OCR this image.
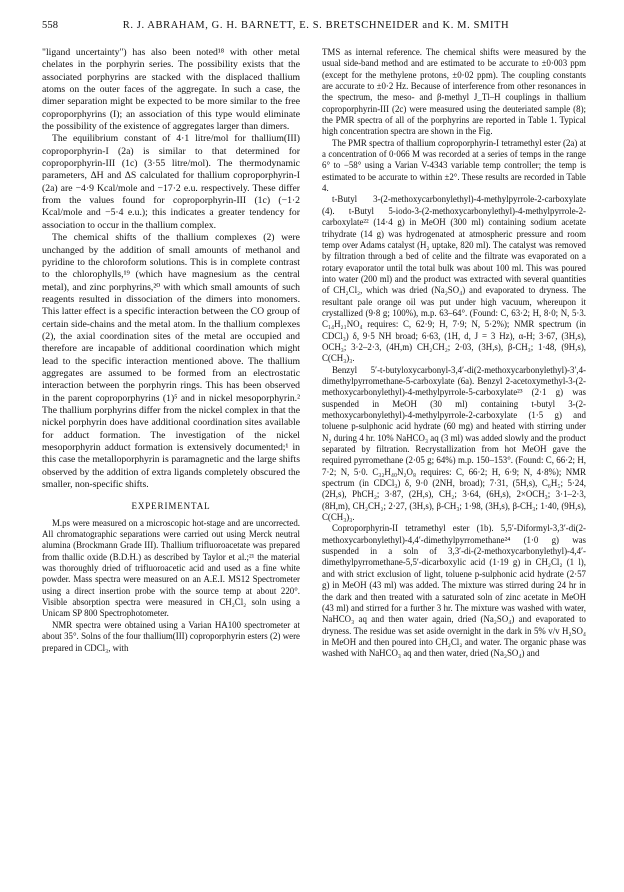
558	R. J. ABRAHAM, G. H. BARNETT, E. S. BRETSCHNEIDER and K. M. SMITH

"ligand uncertainty") has also been noted¹⁸ with other metal chelates in the porphyrin series. The possibility exists that the associated porphyrins are stacked with the displaced thallium atoms on the outer faces of the aggregate. In such a case, the dimer separation might be expected to be more similar to the free coproporphyrins (I); an association of this type would eliminate the possibility of the existence of aggregates larger than dimers.

The equilibrium constant of 4·1 litre/mol for thallium(III) coproporphyrin-I (2a) is similar to that determined for coproporphyrin-III (1c) (3·55 litre/mol). The thermodynamic parameters, ΔH and ΔS calculated for thallium coproporphyrin-I (2a) are −4·9 Kcal/mole and −17·2 e.u. respectively. These differ from the values found for coproporphyrin-III (1c) (−1·2 Kcal/mole and −5·4 e.u.); this indicates a greater tendency for association to occur in the thallium complex.

The chemical shifts of the thallium complexes (2) were unchanged by the addition of small amounts of methanol and pyridine to the chloroform solutions. This is in complete contrast to the chlorophylls,¹⁹ (which have magnesium as the central metal), and zinc porphyrins,²⁰ with which small amounts of such reagents resulted in dissociation of the dimers into monomers. This latter effect is a specific interaction between the CO group of certain side-chains and the metal atom. In the thallium complexes (2), the axial coordination sites of the metal are occupied and therefore are incapable of additional coordination which might lead to the specific interaction mentioned above. The thallium aggregates are assumed to be formed from an electrostatic interaction between the porphyrin rings. This has been observed in the parent coproporphyrins (1)⁵ and in nickel mesoporphyrin.² The thallium porphyrins differ from the nickel complex in that the nickel porphyrin does have additional coordination sites available for adduct formation. The investigation of the nickel mesoporphyrin adduct formation is extensively documented;¹ in this case the metalloporphyrin is paramagnetic and the large shifts observed by the addition of extra ligands completely obscured the smaller, non-specific shifts.

EXPERIMENTAL

M.ps were measured on a microscopic hot-stage and are uncorrected. All chromatographic separations were carried out using Merck neutral alumina (Brockmann Grade III). Thallium trifluoroacetate was prepared from thallic oxide (B.D.H.) as described by Taylor et al.;²¹ the material was thoroughly dried of trifluoroacetic acid and used as a fine white powder. Mass spectra were measured on an A.E.I. MS12 Spectrometer using a direct insertion probe with the source temp at about 220°. Visible absorption spectra were measured in CH₂Cl₂ soln using a Unicam SP 800 Spectrophotometer.

NMR spectra were obtained using a Varian HA100 spectrometer at about 35°. Solns of the four thallium(III) coproporphyrin esters (2) were prepared in CDCl₃, with

TMS as internal reference. The chemical shifts were measured by the usual side-band method and are estimated to be accurate to ±0·003 ppm (except for the methylene protons, ±0·02 ppm). The coupling constants are accurate to ±0·2 Hz. Because of interference from other resonances in the spectrum, the meso- and β-methyl J_Tl–H couplings in thallium coproporphyrin-III (2c) were measured using the deuteriated sample (8); the PMR spectra of all of the porphyrins are reported in Table 1. Typical high concentration spectra are shown in the Fig.

The PMR spectra of thallium coproporphyrin-I tetramethyl ester (2a) at a concentration of 0·066 M was recorded at a series of temps in the range 6° to −58° using a Varian V-4343 variable temp controller; the temp is estimated to be accurate to within ±2°. These results are recorded in Table 4.

t-Butyl 3-(2-methoxycarbonylethyl)-4-methylpyrrole-2-carboxylate (4). t-Butyl 5-iodo-3-(2-methoxycarbonylethyl)-4-methylpyrrole-2-carboxylate²² (14·4 g) in MeOH (300 ml) containing sodium acetate trihydrate (14 g) was hydrogenated at atmospheric pressure and room temp over Adams catalyst (H₂ uptake, 820 ml). The catalyst was removed by filtration through a bed of celite and the filtrate was evaporated on a rotary evaporator until the total bulk was about 100 ml. This was poured into water (200 ml) and the product was extracted with several quantities of CH₂Cl₂, which was dried (Na₂SO₄) and evaporated to dryness. The resultant pale orange oil was put under high vacuum, whereupon it crystallized (9·8 g; 100%), m.p. 63–64°. (Found: C, 63·2; H, 8·0; N, 5·3. C₁₄H₂₁NO₄ requires: C, 62·9; H, 7·9; N, 5·2%); NMR spectrum (in CDCl₃) δ, 9·5 NH broad; 6·63, (1H, d, J = 3 Hz), α-H; 3·67, (3H,s), OCH₃; 3·2–2·3, (4H,m) CH₂CH₂; 2·03, (3H,s), β-CH₃; 1·48, (9H,s), C(CH₃)₃.

Benzyl 5′-t-butyloxycarbonyl-3,4′-di(2-methoxycarbonylethyl)-3′,4-dimethylpyrromethane-5-carboxylate (6a). Benzyl 2-acetoxymethyl-3-(2-methoxycarbonylethyl)-4-methylpyrrole-5-carboxylate²³ (2·1 g) was suspended in MeOH (30 ml) containing t-butyl 3-(2-methoxycarbonylethyl)-4-methylpyrrole-2-carboxylate (1·5 g) and toluene p-sulphonic acid hydrate (60 mg) and heated with stirring under N₂ during 4 hr. 10% NaHCO₃ aq (3 ml) was added slowly and the product separated by filtration. Recrystallization from hot MeOH gave the required pyrromethane (2·05 g; 64%) m.p. 150–153°. (Found: C, 66·2; H, 7·2; N, 5·0. C₃₂H₄₀N₂O₈ requires: C, 66·2; H, 6·9; N, 4·8%); NMR spectrum (in CDCl₃) δ, 9·0 (2NH, broad); 7·31, (5H,s), C₆H₅; 5·24, (2H,s), PhCH₂; 3·87, (2H,s), CH₂; 3·64, (6H,s), 2×OCH₃; 3·1–2·3, (8H,m), CH₂CH₂; 2·27, (3H,s), β-CH₃; 1·98, (3H,s), β-CH₃; 1·40, (9H,s), C(CH₃)₃.

Coproporphyrin-II tetramethyl ester (1b). 5,5′-Diformyl-3,3′-di(2-methoxycarbonylethyl)-4,4′-dimethylpyrromethane²⁴ (1·0 g) was suspended in a soln of 3,3′-di-(2-methoxycarbonylethyl)-4,4′-dimethylpyrromethane-5,5′-dicarboxylic acid (1·19 g) in CH₂Cl₂ (1 l), and with strict exclusion of light, toluene p-sulphonic acid hydrate (2·57 g) in MeOH (43 ml) was added. The mixture was stirred during 24 hr in the dark and then treated with a saturated soln of zinc acetate in MeOH (43 ml) and stirred for a further 3 hr. The mixture was washed with water, NaHCO₃ aq and then water again, dried (Na₂SO₄) and evaporated to dryness. The residue was set aside overnight in the dark in 5% v/v H₂SO₄ in MeOH and then poured into CH₂Cl₂ and water. The organic phase was washed with NaHCO₃ aq and then water, dried (Na₂SO₄) and
